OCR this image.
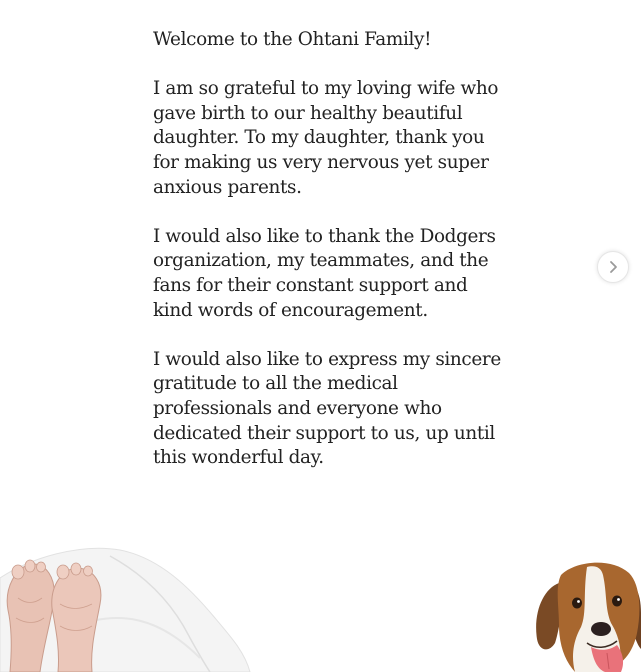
Welcome to the Ohtani Family!

I am so grateful to my loving wife who gave birth to our healthy beautiful daughter. To my daughter, thank you for making us very nervous yet super anxious parents.

I would also like to thank the Dodgers organization, my teammates, and the fans for their constant support and kind words of encouragement.

I would also like to express my sincere gratitude to all the medical professionals and everyone who dedicated their support to us, up until this wonderful day.
